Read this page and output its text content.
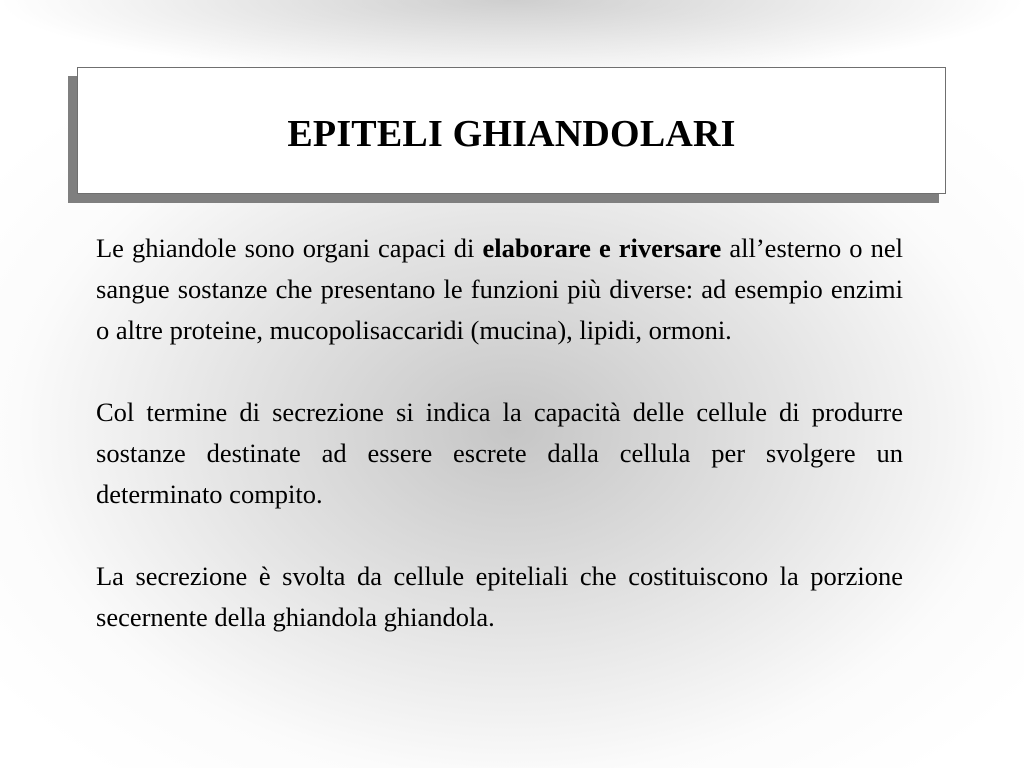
EPITELI GHIANDOLARI

Le ghiandole sono organi capaci di elaborare e riversare all’esterno o nel sangue sostanze che presentano le funzioni più diverse: ad esempio enzimi o altre proteine, mucopolisaccaridi (mucina), lipidi, ormoni.

Col termine di secrezione si indica la capacità delle cellule di produrre sostanze destinate ad essere escrete dalla cellula per svolgere un determinato compito.

La secrezione è svolta da cellule epiteliali che costituiscono la porzione secernente della ghiandola ghiandola.
